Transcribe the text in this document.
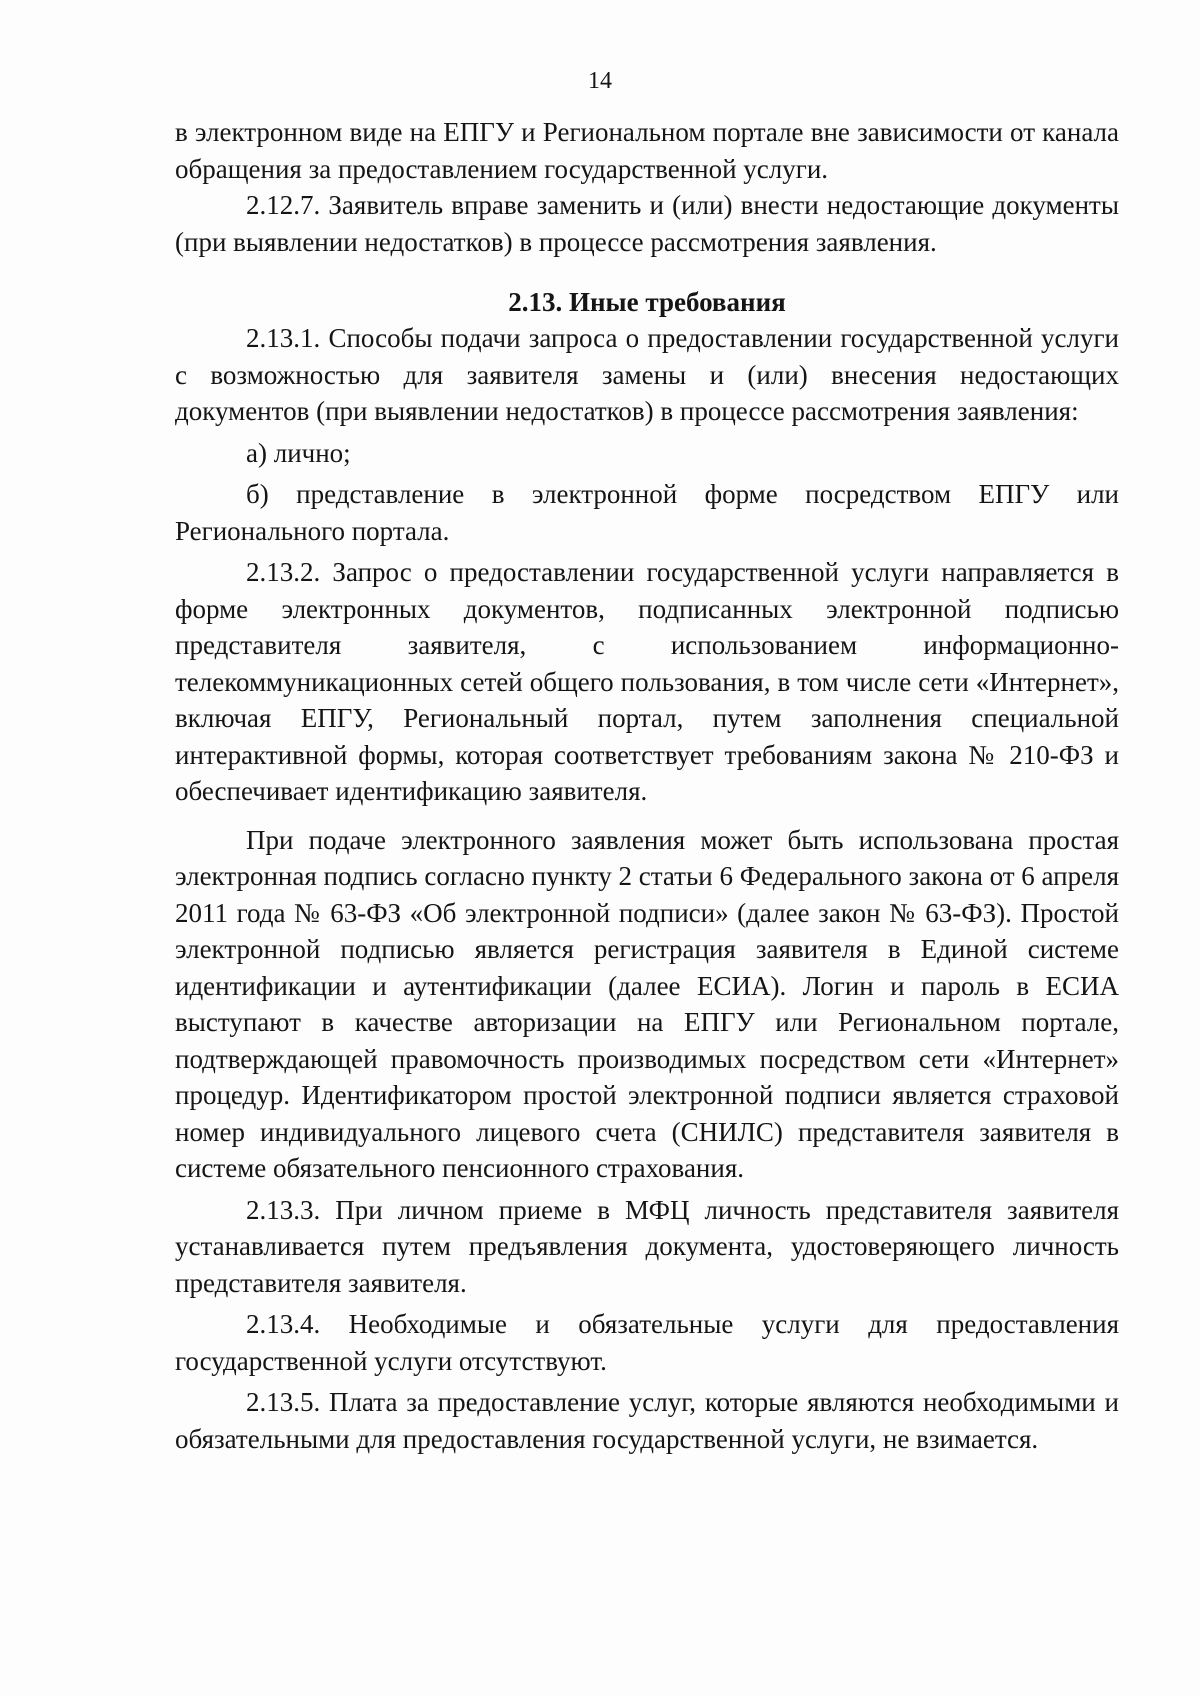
14

в электронном виде на ЕПГУ и Региональном портале вне зависимости от канала обращения за предоставлением государственной услуги.

2.12.7. Заявитель вправе заменить и (или) внести недостающие документы (при выявлении недостатков) в процессе рассмотрения заявления.

2.13. Иные требования

2.13.1. Способы подачи запроса о предоставлении государственной услуги с возможностью для заявителя замены и (или) внесения недостающих документов (при выявлении недостатков) в процессе рассмотрения заявления:

а) лично;

б) представление в электронной форме посредством ЕПГУ или Регионального портала.

2.13.2. Запрос о предоставлении государственной услуги направляется в форме электронных документов, подписанных электронной подписью представителя заявителя, с использованием информационно-телекоммуникационных сетей общего пользования, в том числе сети «Интернет», включая ЕПГУ, Региональный портал, путем заполнения специальной интерактивной формы, которая соответствует требованиям закона № 210-ФЗ и обеспечивает идентификацию заявителя.

При подаче электронного заявления может быть использована простая электронная подпись согласно пункту 2 статьи 6 Федерального закона от 6 апреля 2011 года № 63-ФЗ «Об электронной подписи» (далее закон № 63-ФЗ). Простой электронной подписью является регистрация заявителя в Единой системе идентификации и аутентификации (далее ЕСИА). Логин и пароль в ЕСИА выступают в качестве авторизации на ЕПГУ или Региональном портале, подтверждающей правомочность производимых посредством сети «Интернет» процедур. Идентификатором простой электронной подписи является страховой номер индивидуального лицевого счета (СНИЛС) представителя заявителя в системе обязательного пенсионного страхования.

2.13.3. При личном приеме в МФЦ личность представителя заявителя устанавливается путем предъявления документа, удостоверяющего личность представителя заявителя.

2.13.4. Необходимые и обязательные услуги для предоставления государственной услуги отсутствуют.

2.13.5. Плата за предоставление услуг, которые являются необходимыми и обязательными для предоставления государственной услуги, не взимается.
